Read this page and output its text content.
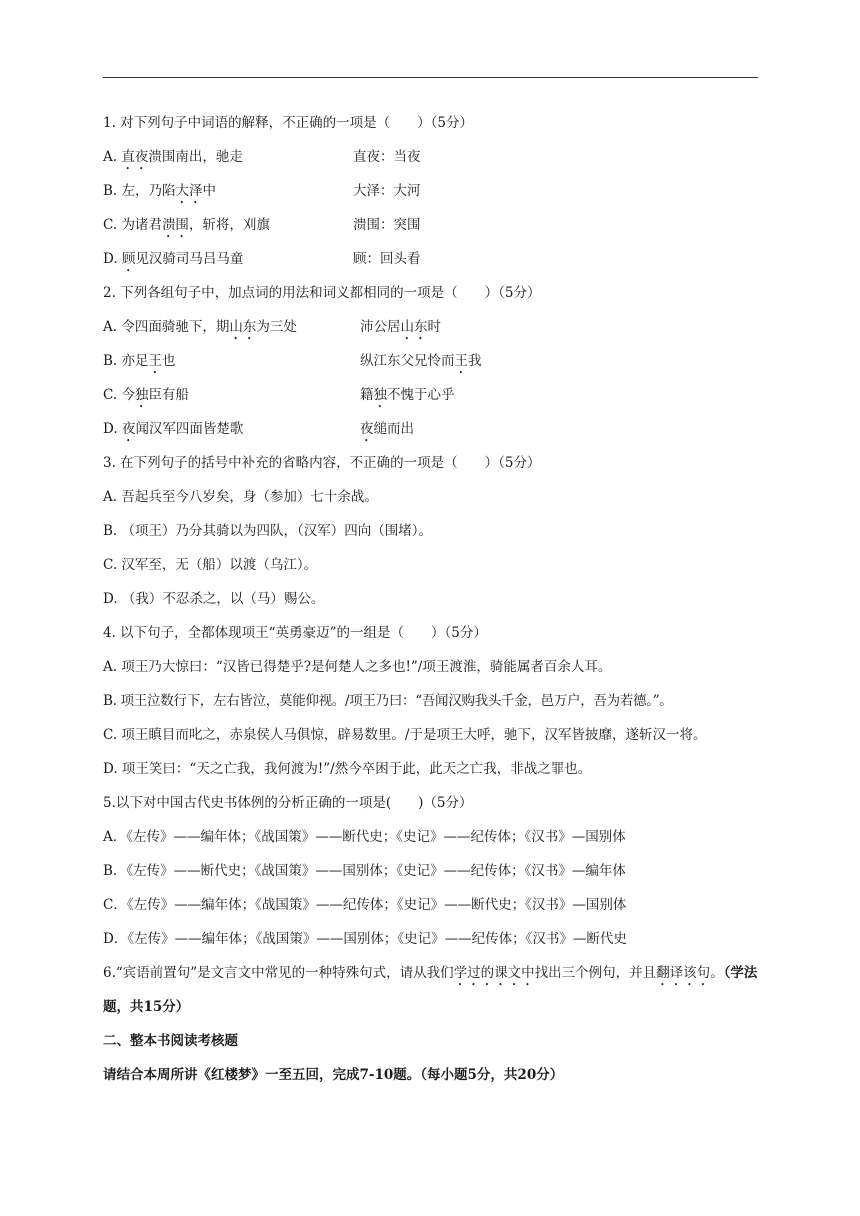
1. 对下列句子中词语的解释，不正确的一项是（　　）（5分）
A. 直夜溃围南出，驰走	直夜：当夜
B. 左，乃陷大泽中	大泽：大河
C. 为诸君溃围，斩将，刈旗	溃围：突围
D. 顾见汉骑司马吕马童	顾：回头看
2. 下列各组句子中，加点词的用法和词义都相同的一项是（　　）（5分）
A. 令四面骑驰下，期山东为三处	沛公居山东时
B. 亦足王也	纵江东父兄怜而王我
C. 今独臣有船	籍独不愧于心乎
D. 夜闻汉军四面皆楚歌	夜缒而出
3. 在下列句子的括号中补充的省略内容，不正确的一项是（　　）（5分）
A. 吾起兵至今八岁矣，身（参加）七十余战。
B. （项王）乃分其骑以为四队，（汉军）四向（围堵）。
C. 汉军至，无（船）以渡（乌江）。
D. （我）不忍杀之，以（马）赐公。
4. 以下句子，全都体现项王“英勇豪迈”的一组是（　　）（5分）
A. 项王乃大惊曰：“汉皆已得楚乎?是何楚人之多也!”/项王渡淮，骑能属者百余人耳。
B. 项王泣数行下，左右皆泣，莫能仰视。/项王乃曰：“吾闻汉购我头千金，邑万户，吾为若德。”。
C. 项王瞋目而叱之，赤泉侯人马俱惊，辟易数里。/于是项王大呼，驰下，汉军皆披靡，遂斩汉一将。
D. 项王笑曰：“天之亡我，我何渡为!”/然今卒困于此，此天之亡我，非战之罪也。
5.以下对中国古代史书体例的分析正确的一项是(　　)（5分）
A．《左传》——编年体；《战国策》——断代史；《史记》——纪传体；《汉书》—国别体
B．《左传》——断代史；《战国策》——国别体；《史记》——纪传体；《汉书》—编年体
C．《左传》——编年体；《战国策》——纪传体；《史记》——断代史；《汉书》—国别体
D．《左传》——编年体；《战国策》——国别体；《史记》——纪传体；《汉书》—断代史
6.“宾语前置句”是文言文中常见的一种特殊句式，请从我们学过的课文中找出三个例句，并且翻译该句。（学法题，共15分）
二、整本书阅读考核题
请结合本周所讲《红楼梦》一至五回，完成7-10题。（每小题5分，共20分）
